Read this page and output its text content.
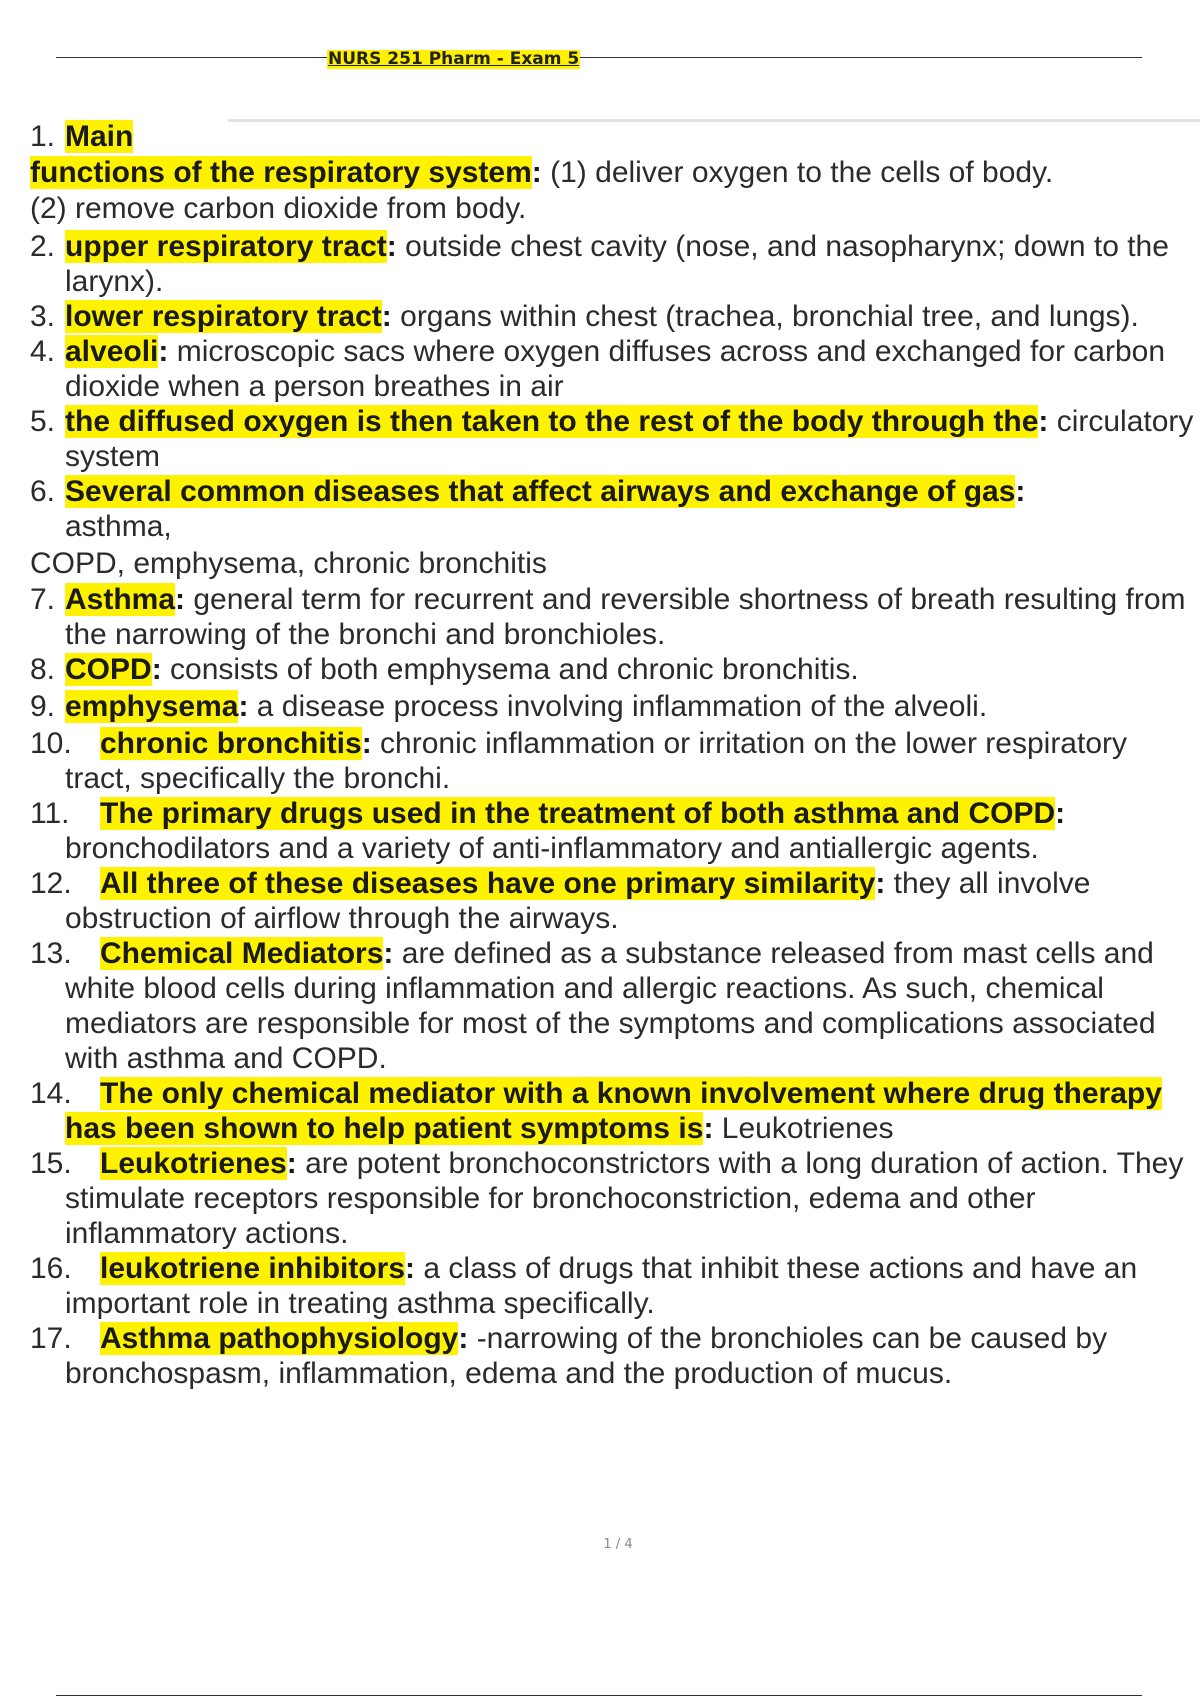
NURS 251 Pharm - Exam 5
1. Main
functions of the respiratory system: (1) deliver oxygen to the cells of body.
(2) remove carbon dioxide from body.
2. upper respiratory tract: outside chest cavity (nose, and nasopharynx; down to the larynx).
3. lower respiratory tract: organs within chest (trachea, bronchial tree, and lungs).
4. alveoli: microscopic sacs where oxygen diffuses across and exchanged for carbon dioxide when a person breathes in air
5. the diffused oxygen is then taken to the rest of the body through the: circulatory system
6. Several common diseases that affect airways and exchange of gas:
asthma,
COPD, emphysema, chronic bronchitis
7. Asthma: general term for recurrent and reversible shortness of breath resulting from the narrowing of the bronchi and bronchioles.
8. COPD: consists of both emphysema and chronic bronchitis.
9. emphysema: a disease process involving inflammation of the alveoli.
10. chronic bronchitis: chronic inflammation or irritation on the lower respiratory tract, specifically the bronchi.
11. The primary drugs used in the treatment of both asthma and COPD: bronchodilators and a variety of anti-inflammatory and antiallergic agents.
12. All three of these diseases have one primary similarity: they all involve obstruction of airflow through the airways.
13. Chemical Mediators: are defined as a substance released from mast cells and white blood cells during inflammation and allergic reactions. As such, chemical mediators are responsible for most of the symptoms and complications associated with asthma and COPD.
14. The only chemical mediator with a known involvement where drug therapy has been shown to help patient symptoms is: Leukotrienes
15. Leukotrienes: are potent bronchoconstrictors with a long duration of action. They stimulate receptors responsible for bronchoconstriction, edema and other inflammatory actions.
16. leukotriene inhibitors: a class of drugs that inhibit these actions and have an important role in treating asthma specifically.
17. Asthma pathophysiology: -narrowing of the bronchioles can be caused by bronchospasm, inflammation, edema and the production of mucus.
1 / 4
